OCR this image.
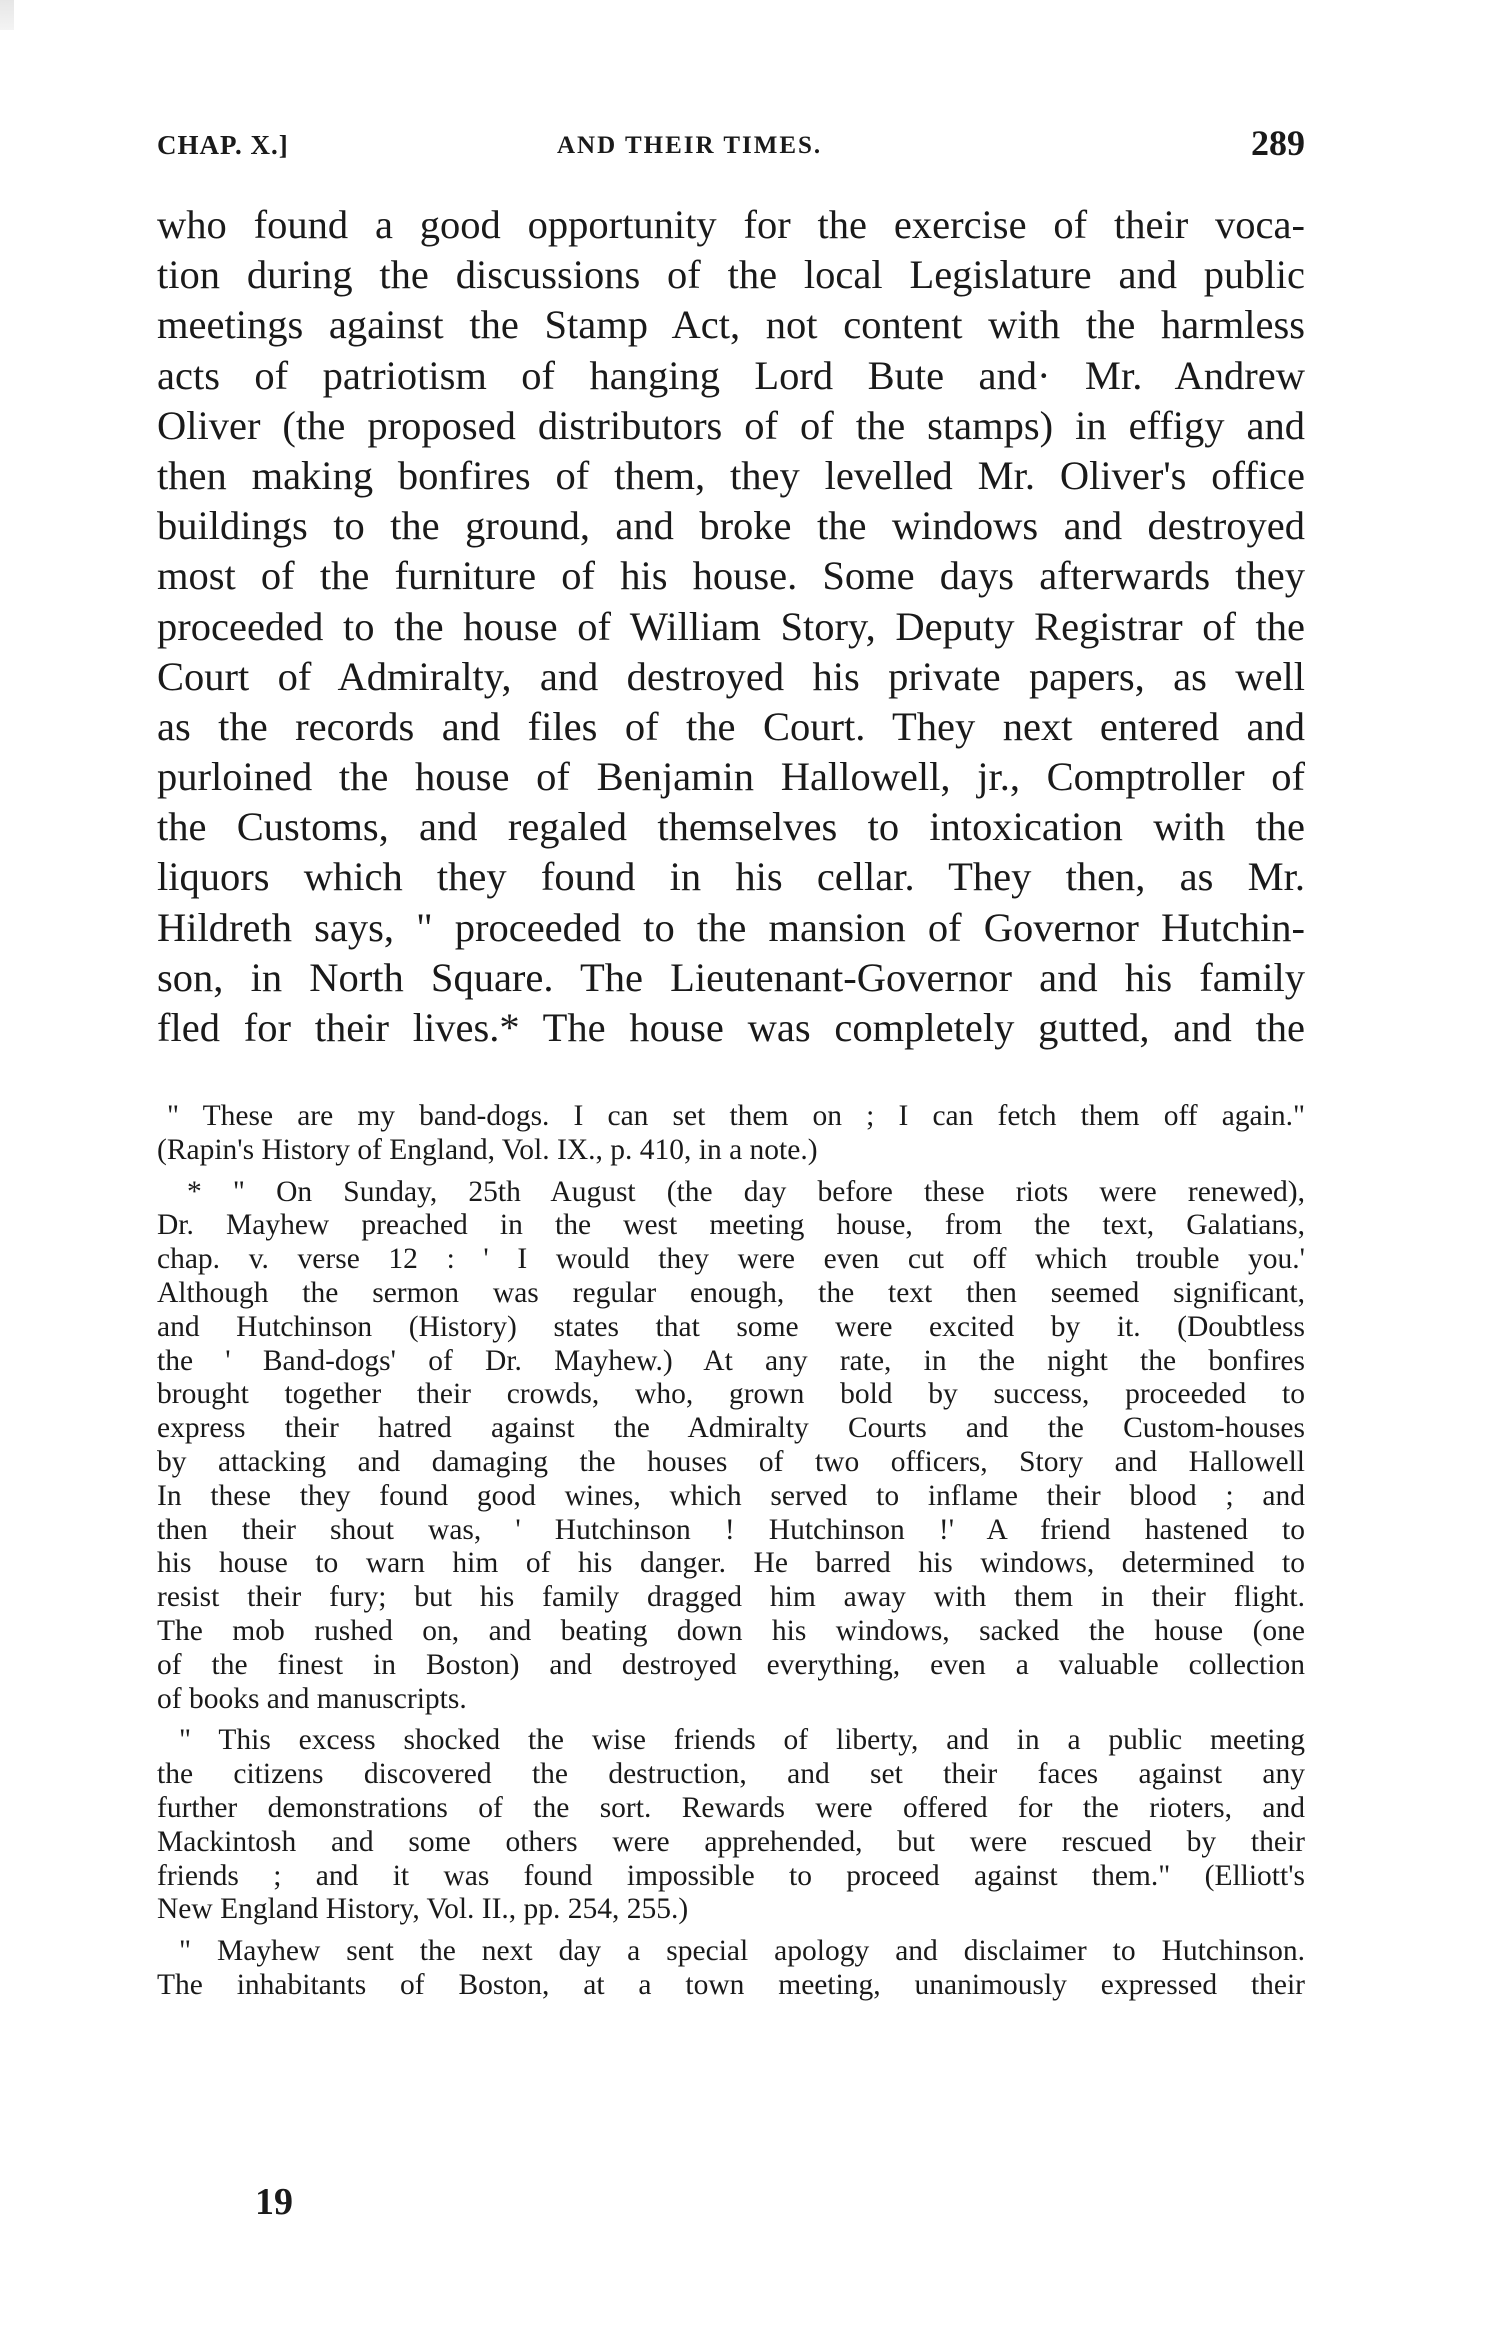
CHAP. X.]	AND THEIR TIMES.	289
who found a good opportunity for the exercise of their voca-
tion during the discussions of the local Legislature and public
meetings against the Stamp Act, not content with the harmless
acts of patriotism of hanging Lord Bute and· Mr. Andrew
Oliver (the proposed distributors of of the stamps) in effigy and
then making bonfires of them, they levelled Mr. Oliver's office
buildings to the ground, and broke the windows and destroyed
most of the furniture of his house. Some days afterwards they
proceeded to the house of William Story, Deputy Registrar of the
Court of Admiralty, and destroyed his private papers, as well
as the records and files of the Court. They next entered and
purloined the house of Benjamin Hallowell, jr., Comptroller of
the Customs, and regaled themselves to intoxication with the
liquors which they found in his cellar. They then, as Mr.
Hildreth says, " proceeded to the mansion of Governor Hutchin-
son, in North Square. The Lieutenant-Governor and his family
fled for their lives.* The house was completely gutted, and the
" These are my band-dogs. I can set them on ; I can fetch them off again."
(Rapin's History of England, Vol. IX., p. 410, in a note.)
* " On Sunday, 25th August (the day before these riots were renewed),
Dr. Mayhew preached in the west meeting house, from the text, Galatians,
chap. v. verse 12 : ' I would they were even cut off which trouble you.'
Although the sermon was regular enough, the text then seemed significant,
and Hutchinson (History) states that some were excited by it. (Doubtless
the ' Band-dogs' of Dr. Mayhew.) At any rate, in the night the bonfires
brought together their crowds, who, grown bold by success, proceeded to
express their hatred against the Admiralty Courts and the Custom-houses
by attacking and damaging the houses of two officers, Story and Hallowell
In these they found good wines, which served to inflame their blood ; and
then their shout was, ' Hutchinson ! Hutchinson !' A friend hastened to
his house to warn him of his danger. He barred his windows, determined to
resist their fury; but his family dragged him away with them in their flight.
The mob rushed on, and beating down his windows, sacked the house (one
of the finest in Boston) and destroyed everything, even a valuable collection
of books and manuscripts.
" This excess shocked the wise friends of liberty, and in a public meeting
the citizens discovered the destruction, and set their faces against any
further demonstrations of the sort. Rewards were offered for the rioters, and
Mackintosh and some others were apprehended, but were rescued by their
friends ; and it was found impossible to proceed against them." (Elliott's
New England History, Vol. II., pp. 254, 255.)
" Mayhew sent the next day a special apology and disclaimer to Hutchinson.
The inhabitants of Boston, at a town meeting, unanimously expressed their
19
